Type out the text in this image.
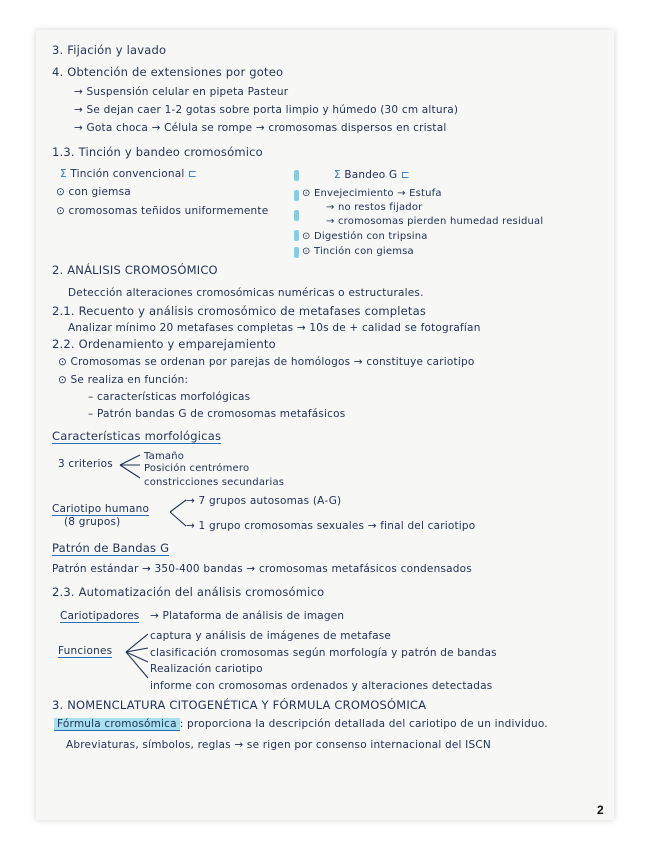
3. Fijación y lavado
4. Obtención de extensiones por goteo
→ Suspensión celular en pipeta Pasteur
→ Se dejan caer 1-2 gotas sobre porta limpio y húmedo (30 cm altura)
→ Gota choca → Célula se rompe → cromosomas dispersos en cristal
1.3. Tinción y bandeo cromosómico
Σ Tinción convencional ⊏
⊙ con giemsa
⊙ cromosomas teñidos uniformemente
Σ Bandeo G ⊏
⊙ Envejecimiento → Estufa
→ no restos fijador
→ cromosomas pierden humedad residual
⊙ Digestión con tripsina
⊙ Tinción con giemsa
2. ANÁLISIS CROMOSÓMICO
Detección alteraciones cromosómicas numéricas o estructurales.
2.1. Recuento y análisis cromosómico de metafases completas
Analizar mínimo 20 metafases completas → 10s de + calidad se fotografían
2.2. Ordenamiento y emparejamiento
⊙ Cromosomas se ordenan por parejas de homólogos → constituye cariotipo
⊙ Se realiza en función:
– características morfológicas
– Patrón bandas G de cromosomas metafásicos
Características morfológicas
3 criterios
Tamaño
Posición centrómero
constricciones secundarias
Cariotipo humano
(8 grupos)
→ 7 grupos autosomas (A-G)
→ 1 grupo cromosomas sexuales → final del cariotipo
Patrón de Bandas G
Patrón estándar → 350-400 bandas → cromosomas metafásicos condensados
2.3. Automatización del análisis cromosómico
Cariotipadores → Plataforma de análisis de imagen
Funciones
captura y análisis de imágenes de metafase
clasificación cromosomas según morfología y patrón de bandas
Realización cariotipo
informe con cromosomas ordenados y alteraciones detectadas
3. NOMENCLATURA CITOGENÉTICA Y FÓRMULA CROMOSÓMICA
Fórmula cromosómica : proporciona la descripción detallada del cariotipo de un individuo.
Abreviaturas, símbolos, reglas → se rigen por consenso internacional del ISCN
2
